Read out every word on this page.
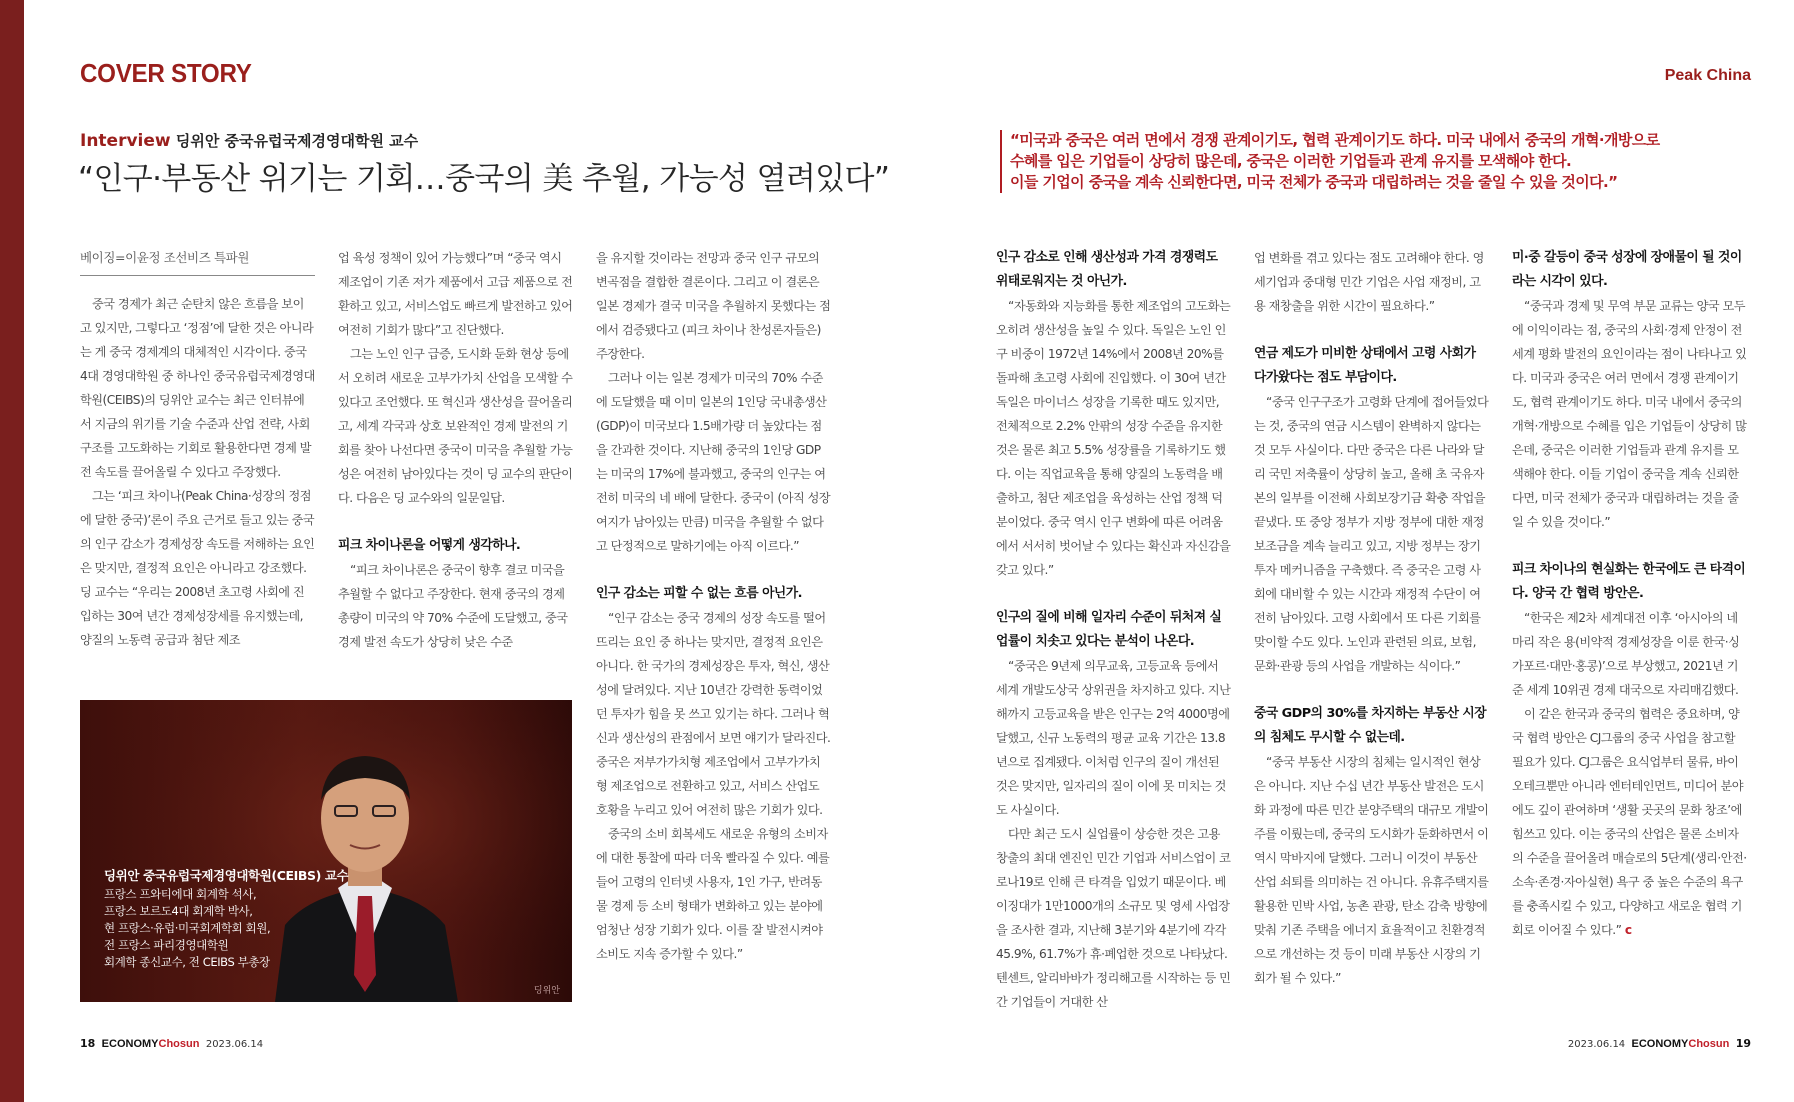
COVER STORY	Peak China
Interview 딩위안 중국유럽국제경영대학원 교수
“인구·부동산 위기는 기회…중국의 美 추월, 가능성 열려있다”
“미국과 중국은 여러 면에서 경쟁 관계이기도, 협력 관계이기도 하다. 미국 내에서 중국의 개혁·개방으로
수혜를 입은 기업들이 상당히 많은데, 중국은 이러한 기업들과 관계 유지를 모색해야 한다.
이들 기업이 중국을 계속 신뢰한다면, 미국 전체가 중국과 대립하려는 것을 줄일 수 있을 것이다.”
베이징=이윤정 조선비즈 특파원

중국 경제가 최근 순탄치 않은 흐름을 보이고 있지만, 그렇다고 ‘정점’에 달한 것은 아니라는 게 중국 경제계의 대체적인 시각이다. 중국 4대 경영대학원 중 하나인 중국유럽국제경영대학원(CEIBS)의 딩위안 교수는 최근 인터뷰에서 지금의 위기를 기술 수준과 산업 전략, 사회 구조를 고도화하는 기회로 활용한다면 경제 발전 속도를 끌어올릴 수 있다고 주장했다.

그는 ‘피크 차이나(Peak China·성장의 정점에 달한 중국)’론이 주요 근거로 들고 있는 중국의 인구 감소가 경제성장 속도를 저해하는 요인은 맞지만, 결정적 요인은 아니라고 강조했다. 딩 교수는 “우리는 2008년 초고령 사회에 진입하는 30여 년간 경제성장세를 유지했는데, 양질의 노동력 공급과 첨단 제조

업 육성 정책이 있어 가능했다”며 “중국 역시 제조업이 기존 저가 제품에서 고급 제품으로 전환하고 있고, 서비스업도 빠르게 발전하고 있어 여전히 기회가 많다”고 진단했다.

그는 노인 인구 급증, 도시화 둔화 현상 등에서 오히려 새로운 고부가가치 산업을 모색할 수 있다고 조언했다. 또 혁신과 생산성을 끌어올리고, 세계 각국과 상호 보완적인 경제 발전의 기회를 찾아 나선다면 중국이 미국을 추월할 가능성은 여전히 남아있다는 것이 딩 교수의 판단이다. 다음은 딩 교수와의 일문일답.

피크 차이나론을 어떻게 생각하나.

“피크 차이나론은 중국이 향후 결코 미국을 추월할 수 없다고 주장한다. 현재 중국의 경제 총량이 미국의 약 70% 수준에 도달했고, 중국 경제 발전 속도가 상당히 낮은 수준

을 유지할 것이라는 전망과 중국 인구 규모의 변곡점을 결합한 결론이다. 그리고 이 결론은 일본 경제가 결국 미국을 추월하지 못했다는 점에서 검증됐다고 (피크 차이나 찬성론자들은) 주장한다.

그러나 이는 일본 경제가 미국의 70% 수준에 도달했을 때 이미 일본의 1인당 국내총생산(GDP)이 미국보다 1.5배가량 더 높았다는 점을 간과한 것이다. 지난해 중국의 1인당 GDP는 미국의 17%에 불과했고, 중국의 인구는 여전히 미국의 네 배에 달한다. 중국이 (아직 성장 여지가 남아있는 만큼) 미국을 추월할 수 없다고 단정적으로 말하기에는 아직 이르다.”

인구 감소는 피할 수 없는 흐름 아닌가.

“인구 감소는 중국 경제의 성장 속도를 떨어뜨리는 요인 중 하나는 맞지만, 결정적 요인은 아니다. 한 국가의 경제성장은 투자, 혁신, 생산성에 달려있다. 지난 10년간 강력한 동력이었던 투자가 힘을 못 쓰고 있기는 하다. 그러나 혁신과 생산성의 관점에서 보면 얘기가 달라진다. 중국은 저부가가치형 제조업에서 고부가가치형 제조업으로 전환하고 있고, 서비스 산업도 호황을 누리고 있어 여전히 많은 기회가 있다.

중국의 소비 회복세도 새로운 유형의 소비자에 대한 통찰에 따라 더욱 빨라질 수 있다. 예를 들어 고령의 인터넷 사용자, 1인 가구, 반려동물 경제 등 소비 형태가 변화하고 있는 분야에 엄청난 성장 기회가 있다. 이를 잘 발전시켜야 소비도 지속 증가할 수 있다.”

인구 감소로 인해 생산성과 가격 경쟁력도 위태로워지는 것 아닌가.

“자동화와 지능화를 통한 제조업의 고도화는 오히려 생산성을 높일 수 있다. 독일은 노인 인구 비중이 1972년 14%에서 2008년 20%를 돌파해 초고령 사회에 진입했다. 이 30여 년간 독일은 마이너스 성장을 기록한 때도 있지만, 전체적으로 2.2% 안팎의 성장 수준을 유지한 것은 물론 최고 5.5% 성장률을 기록하기도 했다. 이는 직업교육을 통해 양질의 노동력을 배출하고, 첨단 제조업을 육성하는 산업 정책 덕분이었다. 중국 역시 인구 변화에 따른 어려움에서 서서히 벗어날 수 있다는 확신과 자신감을 갖고 있다.”

인구의 질에 비해 일자리 수준이 뒤처져 실업률이 치솟고 있다는 분석이 나온다.

“중국은 9년제 의무교육, 고등교육 등에서 세계 개발도상국 상위권을 차지하고 있다. 지난해까지 고등교육을 받은 인구는 2억 4000명에 달했고, 신규 노동력의 평균 교육 기간은 13.8년으로 집계됐다. 이처럼 인구의 질이 개선된 것은 맞지만, 일자리의 질이 이에 못 미치는 것도 사실이다.

다만 최근 도시 실업률이 상승한 것은 고용 창출의 최대 엔진인 민간 기업과 서비스업이 코로나19로 인해 큰 타격을 입었기 때문이다. 베이징대가 1만1000개의 소규모 및 영세 사업장을 조사한 결과, 지난해 3분기와 4분기에 각각 45.9%, 61.7%가 휴·폐업한 것으로 나타났다. 텐센트, 알리바바가 정리해고를 시작하는 등 민간 기업들이 거대한 산

업 변화를 겪고 있다는 점도 고려해야 한다. 영세기업과 중대형 민간 기업은 사업 재정비, 고용 재창출을 위한 시간이 필요하다.”

연금 제도가 미비한 상태에서 고령 사회가 다가왔다는 점도 부담이다.

“중국 인구구조가 고령화 단계에 접어들었다는 것, 중국의 연금 시스템이 완벽하지 않다는 것 모두 사실이다. 다만 중국은 다른 나라와 달리 국민 저축률이 상당히 높고, 올해 초 국유자본의 일부를 이전해 사회보장기금 확충 작업을 끝냈다. 또 중앙 정부가 지방 정부에 대한 재정 보조금을 계속 늘리고 있고, 지방 정부는 장기 투자 메커니즘을 구축했다. 즉 중국은 고령 사회에 대비할 수 있는 시간과 재정적 수단이 여전히 남아있다. 고령 사회에서 또 다른 기회를 맞이할 수도 있다. 노인과 관련된 의료, 보험, 문화·관광 등의 사업을 개발하는 식이다.”

중국 GDP의 30%를 차지하는 부동산 시장의 침체도 무시할 수 없는데.

“중국 부동산 시장의 침체는 일시적인 현상은 아니다. 지난 수십 년간 부동산 발전은 도시화 과정에 따른 민간 분양주택의 대규모 개발이 주를 이뤘는데, 중국의 도시화가 둔화하면서 이 역시 막바지에 달했다. 그러니 이것이 부동산 산업 쇠퇴를 의미하는 건 아니다. 유휴주택지를 활용한 민박 사업, 농촌 관광, 탄소 감축 방향에 맞춰 기존 주택을 에너지 효율적이고 친환경적으로 개선하는 것 등이 미래 부동산 시장의 기회가 될 수 있다.”

미·중 갈등이 중국 성장에 장애물이 될 것이라는 시각이 있다.

“중국과 경제 및 무역 부문 교류는 양국 모두에 이익이라는 점, 중국의 사회·경제 안정이 전 세계 평화 발전의 요인이라는 점이 나타나고 있다. 미국과 중국은 여러 면에서 경쟁 관계이기도, 협력 관계이기도 하다. 미국 내에서 중국의 개혁·개방으로 수혜를 입은 기업들이 상당히 많은데, 중국은 이러한 기업들과 관계 유지를 모색해야 한다. 이들 기업이 중국을 계속 신뢰한다면, 미국 전체가 중국과 대립하려는 것을 줄일 수 있을 것이다.”

피크 차이나의 현실화는 한국에도 큰 타격이다. 양국 간 협력 방안은.

“한국은 제2차 세계대전 이후 ‘아시아의 네 마리 작은 용(비약적 경제성장을 이룬 한국·싱가포르·대만·홍콩)’으로 부상했고, 2021년 기준 세계 10위권 경제 대국으로 자리매김했다.

이 같은 한국과 중국의 협력은 중요하며, 양국 협력 방안은 CJ그룹의 중국 사업을 참고할 필요가 있다. CJ그룹은 요식업부터 물류, 바이오테크뿐만 아니라 엔터테인먼트, 미디어 분야에도 깊이 관여하며 ‘생활 곳곳의 문화 창조’에 힘쓰고 있다. 이는 중국의 산업은 물론 소비자의 수준을 끌어올려 매슬로의 5단계(생리·안전·소속·존경·자아실현) 욕구 중 높은 수준의 욕구를 충족시킬 수 있고, 다양하고 새로운 협력 기회로 이어질 수 있다.” c

딩위안 중국유럽국제경영대학원(CEIBS) 교수
프랑스 프와티에대 회계학 석사,
프랑스 보르도4대 회계학 박사,
현 프랑스·유럽·미국회계학회 회원,
전 프랑스 파리경영대학원
회계학 종신교수, 전 CEIBS 부총장
딩위안
18 ECONOMYChosun 2023.06.14	2023.06.14 ECONOMYChosun 19
